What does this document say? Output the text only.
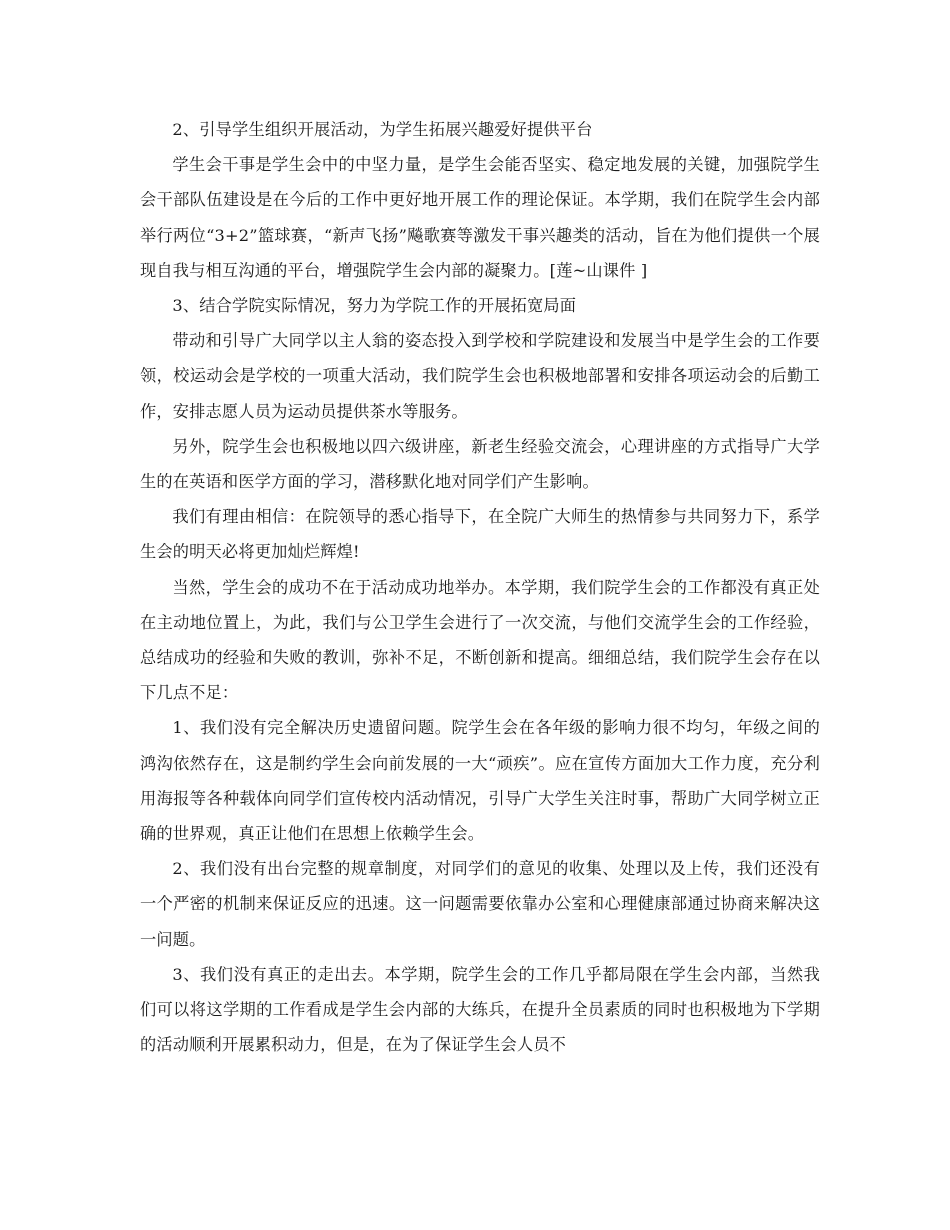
2、引导学生组织开展活动，为学生拓展兴趣爱好提供平台

学生会干事是学生会中的中坚力量，是学生会能否坚实、稳定地发展的关键，加强院学生会干部队伍建设是在今后的工作中更好地开展工作的理论保证。本学期，我们在院学生会内部举行两位“3+2”篮球赛，“新声飞扬”飚歌赛等激发干事兴趣类的活动，旨在为他们提供一个展现自我与相互沟通的平台，增强院学生会内部的凝聚力。[莲~山课件 ]

3、结合学院实际情况，努力为学院工作的开展拓宽局面

带动和引导广大同学以主人翁的姿态投入到学校和学院建设和发展当中是学生会的工作要领，校运动会是学校的一项重大活动，我们院学生会也积极地部署和安排各项运动会的后勤工作，安排志愿人员为运动员提供茶水等服务。

另外，院学生会也积极地以四六级讲座，新老生经验交流会，心理讲座的方式指导广大学生的在英语和医学方面的学习，潜移默化地对同学们产生影响。

我们有理由相信：在院领导的悉心指导下，在全院广大师生的热情参与共同努力下，系学生会的明天必将更加灿烂辉煌!

当然，学生会的成功不在于活动成功地举办。本学期，我们院学生会的工作都没有真正处在主动地位置上，为此，我们与公卫学生会进行了一次交流，与他们交流学生会的工作经验，总结成功的经验和失败的教训，弥补不足，不断创新和提高。细细总结，我们院学生会存在以下几点不足：

1、我们没有完全解决历史遗留问题。院学生会在各年级的影响力很不均匀，年级之间的鸿沟依然存在，这是制约学生会向前发展的一大“顽疾”。应在宣传方面加大工作力度，充分利用海报等各种载体向同学们宣传校内活动情况，引导广大学生关注时事，帮助广大同学树立正确的世界观，真正让他们在思想上依赖学生会。

2、我们没有出台完整的规章制度，对同学们的意见的收集、处理以及上传，我们还没有一个严密的机制来保证反应的迅速。这一问题需要依靠办公室和心理健康部通过协商来解决这一问题。

3、我们没有真正的走出去。本学期，院学生会的工作几乎都局限在学生会内部，当然我们可以将这学期的工作看成是学生会内部的大练兵，在提升全员素质的同时也积极地为下学期的活动顺利开展累积动力，但是，在为了保证学生会人员不
